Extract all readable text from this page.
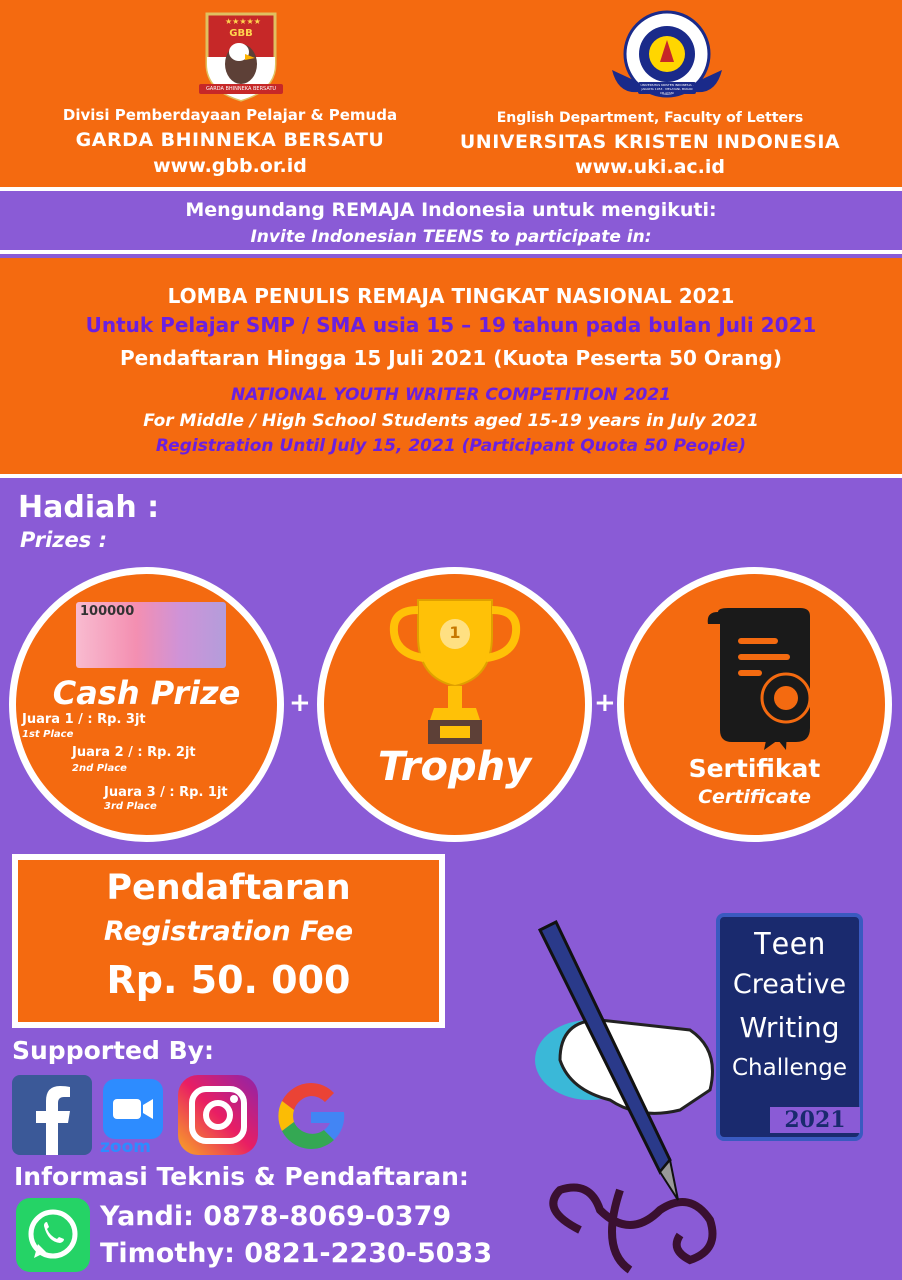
★★★★★
GBB
GARDA BHINNEKA BERSATU
Divisi Pemberdayaan Pelajar & Pemuda
GARDA BHINNEKA BERSATU
www.gbb.or.id
UNIVERSITAS KRISTEN INDONESIA · JAKARTA 1953 · MELAYANI, BUKAN DILAYANI
English Department, Faculty of Letters
UNIVERSITAS KRISTEN INDONESIA
www.uki.ac.id
Mengundang REMAJA Indonesia untuk mengikuti:
Invite Indonesian TEENS to participate in:
LOMBA PENULIS REMAJA TINGKAT NASIONAL 2021
Untuk Pelajar SMP / SMA usia 15 – 19 tahun pada bulan Juli 2021
Pendaftaran Hingga 15 Juli 2021 (Kuota Peserta 50 Orang)
NATIONAL YOUTH WRITER COMPETITION 2021
For Middle / High School Students aged 15-19 years in July 2021
Registration Until July 15, 2021 (Participant Quota 50 People)
Hadiah :
Prizes :
100000
Cash Prize
Juara 1 / : Rp. 3jt
1st Place
Juara 2 / : Rp. 2jt
2nd Place
Juara 3 / : Rp. 1jt
3rd Place
+
1
Trophy
+
Sertifikat
Certificate
Pendaftaran
Registration Fee
Rp. 50. 000
Supported By:
zoom
Informasi Teknis & Pendaftaran:
Yandi: 0878-8069-0379
Timothy: 0821-2230-5033
Teen
Creative
Writing
Challenge
2021
